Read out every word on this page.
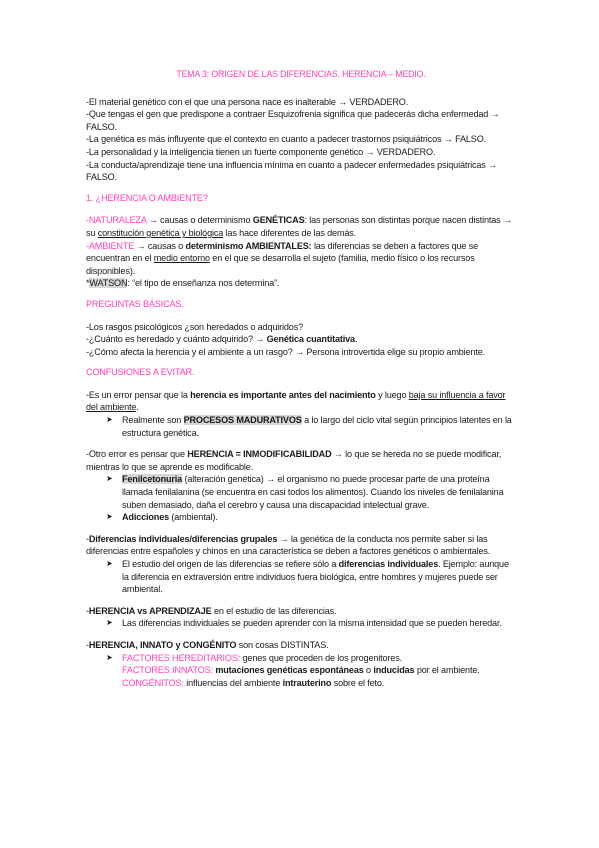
TEMA 3: ORIGEN DE LAS DIFERENCIAS. HERENCIA – MEDIO.

-El material genético con el que una persona nace es inalterable → VERDADERO.

-Que tengas el gen que predispone a contraer Esquizofrenia significa que padecerás dicha enfermedad → FALSO.

-La genética es más influyente que el contexto en cuanto a padecer trastornos psiquiátricos → FALSO.

-La personalidad y la inteligencia tienen un fuerte componente genético → VERDADERO.

-La conducta/aprendizaje tiene una influencia mínima en cuanto a padecer enfermedades psiquiátricas → FALSO.

1. ¿HERENCIA O AMBIENTE?

-NATURALEZA → causas o determinismo GENÉTICAS: las personas son distintas porque nacen distintas → su constitución genética y biológica las hace diferentes de las demás.

-AMBIENTE → causas o determinismo AMBIENTALES: las diferencias se deben a factores que se encuentran en el medio entorno en el que se desarrolla el sujeto (familia, medio físico o los recursos disponibles).

*WATSON: “el tipo de enseñanza nos determina”.

PREGUNTAS BÁSICAS.

-Los rasgos psicológicos ¿son heredados o adquiridos?

-¿Cuánto es heredado y cuánto adquirido? → Genética cuantitativa.

-¿Cómo afecta la herencia y el ambiente a un rasgo? → Persona introvertida elige su propio ambiente.

CONFUSIONES A EVITAR.

-Es un error pensar que la herencia es importante antes del nacimiento y luego baja su influencia a favor del ambiente.

➤ Realmente son PROCESOS MADURATIVOS a lo largo del ciclo vital según principios latentes en la estructura genética.

-Otro error es pensar que HERENCIA = INMODIFICABILIDAD → lo que se hereda no se puede modificar, mientras lo que se aprende es modificable.

➤ Fenilcetonuria (alteración genética) → el organismo no puede procesar parte de una proteína llamada fenilalanina (se encuentra en casi todos los alimentos). Cuando los niveles de fenilalanina suben demasiado, daña el cerebro y causa una discapacidad intelectual grave.
➤ Adicciones (ambiental).

-Diferencias individuales/diferencias grupales → la genética de la conducta nos permite saber si las diferencias entre españoles y chinos en una característica se deben a factores genéticos o ambientales.

➤ El estudio del origen de las diferencias se refiere sólo a diferencias individuales. Ejemplo: aunque la diferencia en extraversión entre individuos fuera biológica, entre hombres y mujeres puede ser ambiental.

-HERENCIA vs APRENDIZAJE en el estudio de las diferencias.

➤ Las diferencias individuales se pueden aprender con la misma intensidad que se pueden heredar.

-HERENCIA, INNATO y CONGÉNITO son cosas DISTINTAS.

➤ FACTORES HEREDITARIOS: genes que proceden de los progenitores.
FACTORES INNATOS: mutaciones genéticas espontáneas o inducidas por el ambiente.
CONGÉNITOS: influencias del ambiente intrauterino sobre el feto.
